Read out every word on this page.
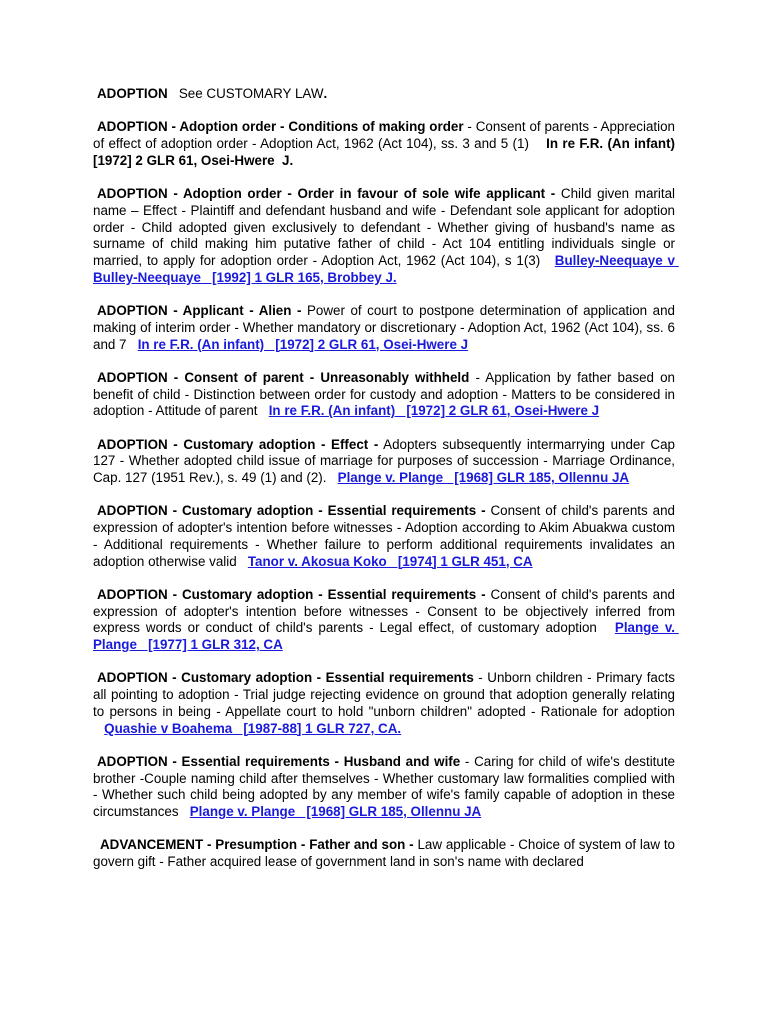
ADOPTION See CUSTOMARY LAW.

ADOPTION - Adoption order - Conditions of making order - Consent of parents - Appreciation of effect of adoption order - Adoption Act, 1962 (Act 104), ss. 3 and 5 (1) In re F.R. (An infant)   [1972] 2 GLR 61, Osei-Hwere  J.

ADOPTION - Adoption order - Order in favour of sole wife applicant - Child given marital name – Effect - Plaintiff and defendant husband and wife - Defendant sole applicant for adoption order - Child adopted given exclusively to defendant - Whether giving of husband's name as surname of child making him putative father of child - Act 104 entitling individuals single or married, to apply for adoption order - Adoption Act, 1962 (Act 104), s 1(3) Bulley-Neequaye v Bulley-Neequaye   [1992] 1 GLR 165, Brobbey J.

ADOPTION - Applicant - Alien - Power of court to postpone determination of application and making of interim order - Whether mandatory or discretionary - Adoption Act, 1962 (Act 104), ss. 6 and 7 In re F.R. (An infant)   [1972] 2 GLR 61, Osei-Hwere J

ADOPTION - Consent of parent - Unreasonably withheld - Application by father based on benefit of child - Distinction between order for custody and adoption - Matters to be considered in adoption - Attitude of parent In re F.R. (An infant)   [1972] 2 GLR 61, Osei-Hwere J

ADOPTION - Customary adoption - Effect - Adopters subsequently intermarrying under Cap 127 - Whether adopted child issue of marriage for purposes of succession - Marriage Ordinance, Cap. 127 (1951 Rev.), s. 49 (1) and (2). Plange v. Plange   [1968] GLR 185, Ollennu JA

ADOPTION - Customary adoption - Essential requirements - Consent of child's parents and expression of adopter's intention before witnesses - Adoption according to Akim Abuakwa custom - Additional requirements - Whether failure to perform additional requirements invalidates an adoption otherwise valid Tanor v. Akosua Koko   [1974] 1 GLR 451, CA

ADOPTION - Customary adoption - Essential requirements - Consent of child's parents and expression of adopter's intention before witnesses - Consent to be objectively inferred from express words or conduct of child's parents - Legal effect, of customary adoption Plange v. Plange   [1977] 1 GLR 312, CA

ADOPTION - Customary adoption - Essential requirements - Unborn children - Primary facts all pointing to adoption - Trial judge rejecting evidence on ground that adoption generally relating to persons in being - Appellate court to hold "unborn children" adopted - Rationale for adoption   Quashie v Boahema   [1987-88] 1 GLR 727, CA.

ADOPTION - Essential requirements - Husband and wife - Caring for child of wife's destitute brother -Couple naming child after themselves - Whether customary law formalities complied with - Whether such child being adopted by any member of wife's family capable of adoption in these circumstances Plange v. Plange   [1968] GLR 185, Ollennu JA

ADVANCEMENT - Presumption - Father and son - Law applicable - Choice of system of law to govern gift - Father acquired lease of government land in son's name with declared
